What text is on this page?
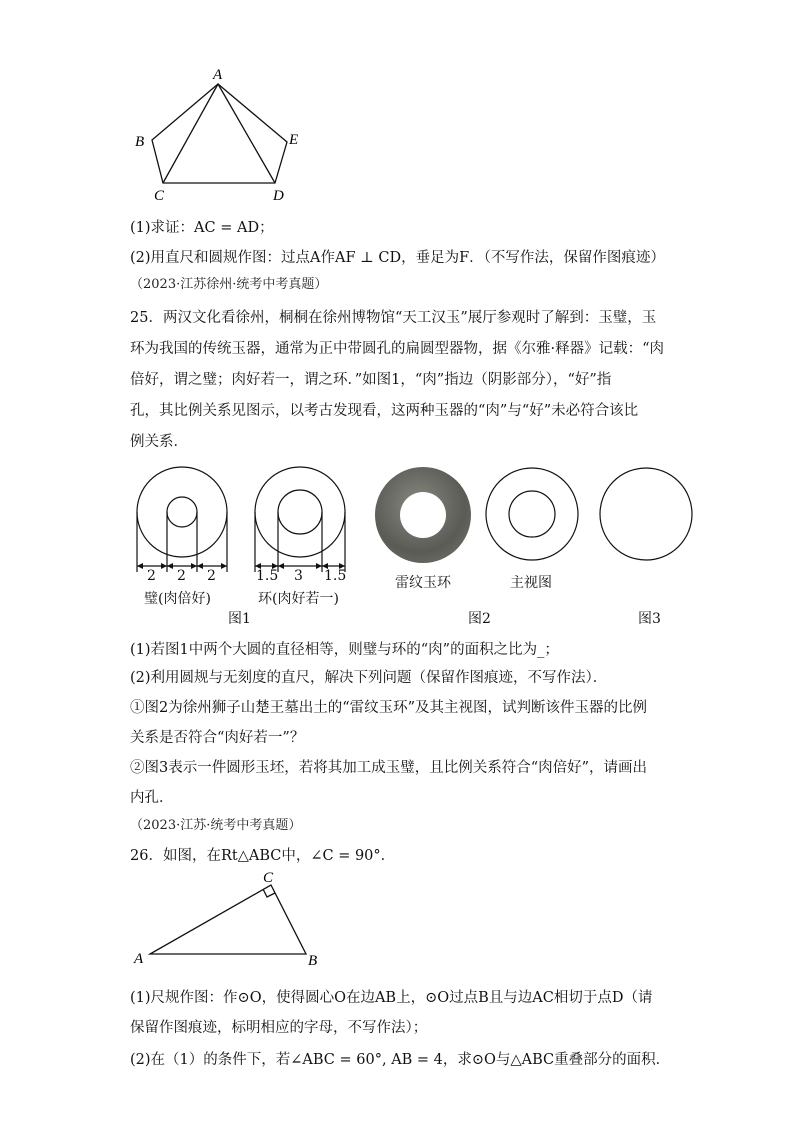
A
B
C	D
E
(1)求证：AC = AD；
(2)用直尺和圆规作图：过点A作AF ⊥ CD，垂足为F．（不写作法，保留作图痕迹）
（2023·江苏徐州·统考中考真题）
25．两汉文化看徐州，桐桐在徐州博物馆“天工汉玉”展厅参观时了解到：玉璧，玉
环为我国的传统玉器，通常为正中带圆孔的扁圆型器物，据《尔雅·释器》记载：“肉
倍好，谓之璧；肉好若一，谓之环．”如图1，“肉”指边（阴影部分），“好”指
孔，其比例关系见图示，以考古发现看，这两种玉器的“肉”与“好”未必符合该比
例关系．
2 2 2
璧(肉倍好)
1.5 3 1.5
环(肉好若一)
雷纹玉环	主视图
图1	图2	图3
(1)若图1中两个大圆的直径相等，则璧与环的“肉”的面积之比为_；
(2)利用圆规与无刻度的直尺，解决下列问题（保留作图痕迹，不写作法）．
①图2为徐州狮子山楚王墓出土的“雷纹玉环”及其主视图，试判断该件玉器的比例
关系是否符合“肉好若一”？
②图3表示一件圆形玉坯，若将其加工成玉璧，且比例关系符合“肉倍好”，请画出
内孔．
（2023·江苏·统考中考真题）
26．如图，在Rt△ABC中，∠C = 90°．
A	B
C
(1)尺规作图：作⊙O，使得圆心O在边AB上，⊙O过点B且与边AC相切于点D（请
保留作图痕迹，标明相应的字母，不写作法）；
(2)在（1）的条件下，若∠ABC = 60°, AB = 4，求⊙O与△ABC重叠部分的面积．
